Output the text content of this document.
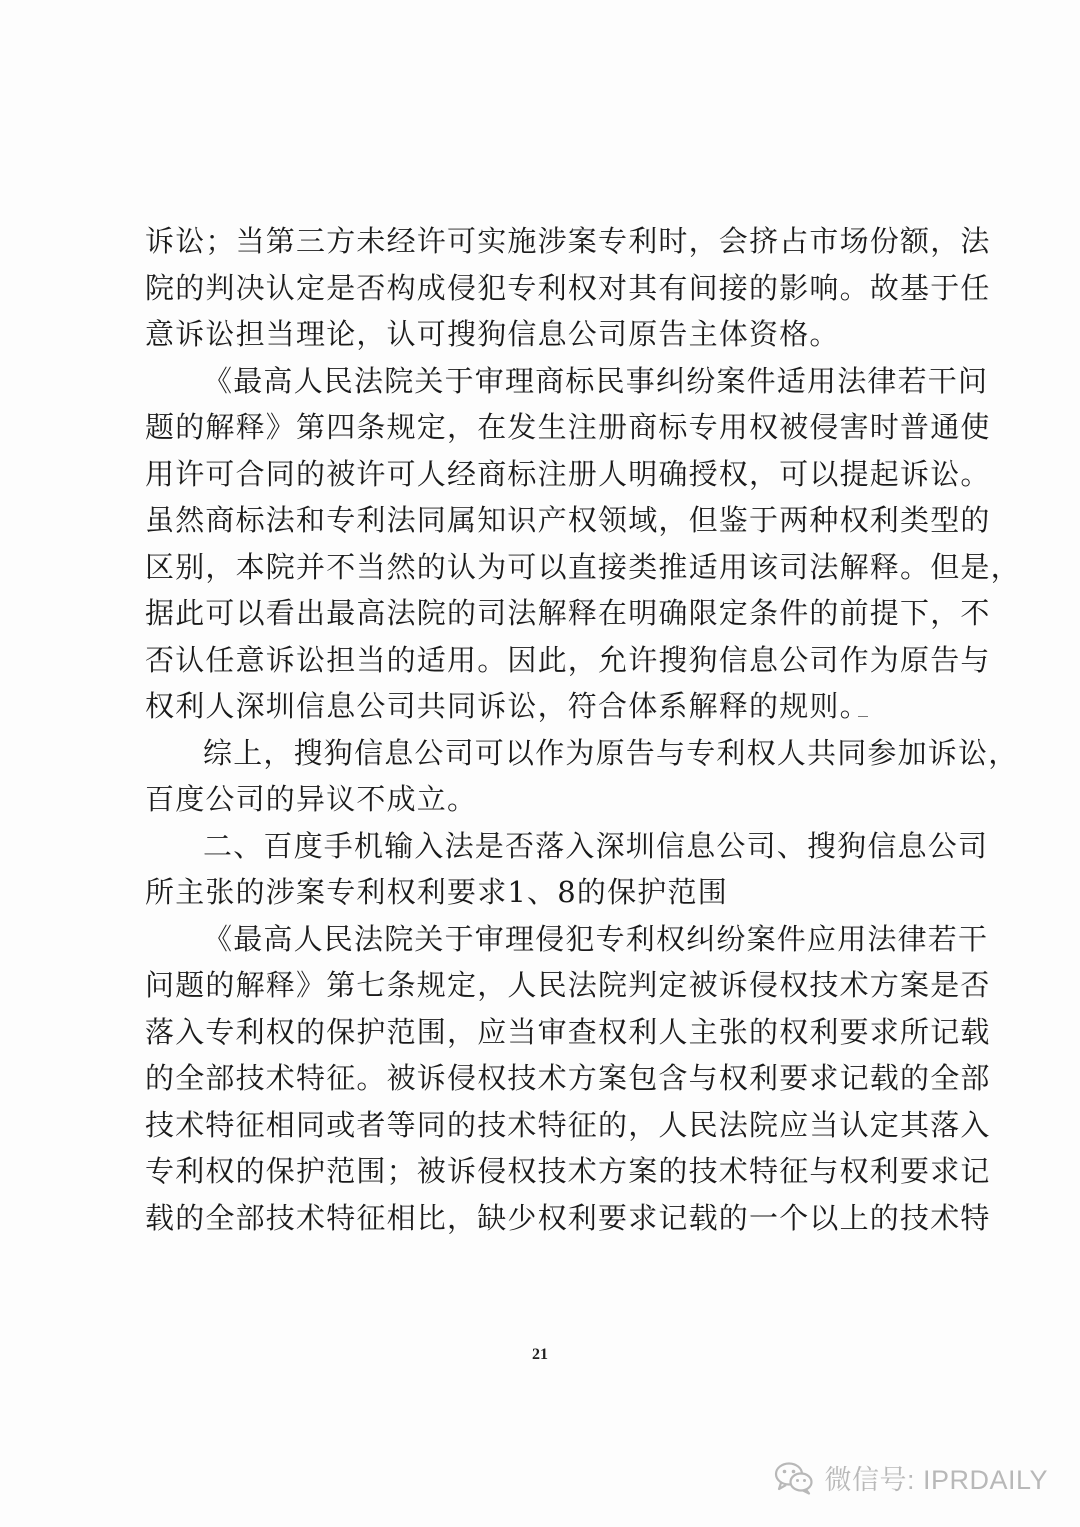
诉讼；当第三方未经许可实施涉案专利时，会挤占市场份额，法
院的判决认定是否构成侵犯专利权对其有间接的影响。故基于任
意诉讼担当理论，认可搜狗信息公司原告主体资格。
《最高人民法院关于审理商标民事纠纷案件适用法律若干问
题的解释》第四条规定，在发生注册商标专用权被侵害时普通使
用许可合同的被许可人经商标注册人明确授权，可以提起诉讼。
虽然商标法和专利法同属知识产权领域，但鉴于两种权利类型的
区别，本院并不当然的认为可以直接类推适用该司法解释。但是，
据此可以看出最高法院的司法解释在明确限定条件的前提下，不
否认任意诉讼担当的适用。因此，允许搜狗信息公司作为原告与
权利人深圳信息公司共同诉讼，符合体系解释的规则。
综上，搜狗信息公司可以作为原告与专利权人共同参加诉讼，
百度公司的异议不成立。
二、百度手机输入法是否落入深圳信息公司、搜狗信息公司
所主张的涉案专利权利要求1、8的保护范围
《最高人民法院关于审理侵犯专利权纠纷案件应用法律若干
问题的解释》第七条规定，人民法院判定被诉侵权技术方案是否
落入专利权的保护范围，应当审查权利人主张的权利要求所记载
的全部技术特征。被诉侵权技术方案包含与权利要求记载的全部
技术特征相同或者等同的技术特征的，人民法院应当认定其落入
专利权的保护范围；被诉侵权技术方案的技术特征与权利要求记
载的全部技术特征相比，缺少权利要求记载的一个以上的技术特
21
微信号: IPRDAILY
